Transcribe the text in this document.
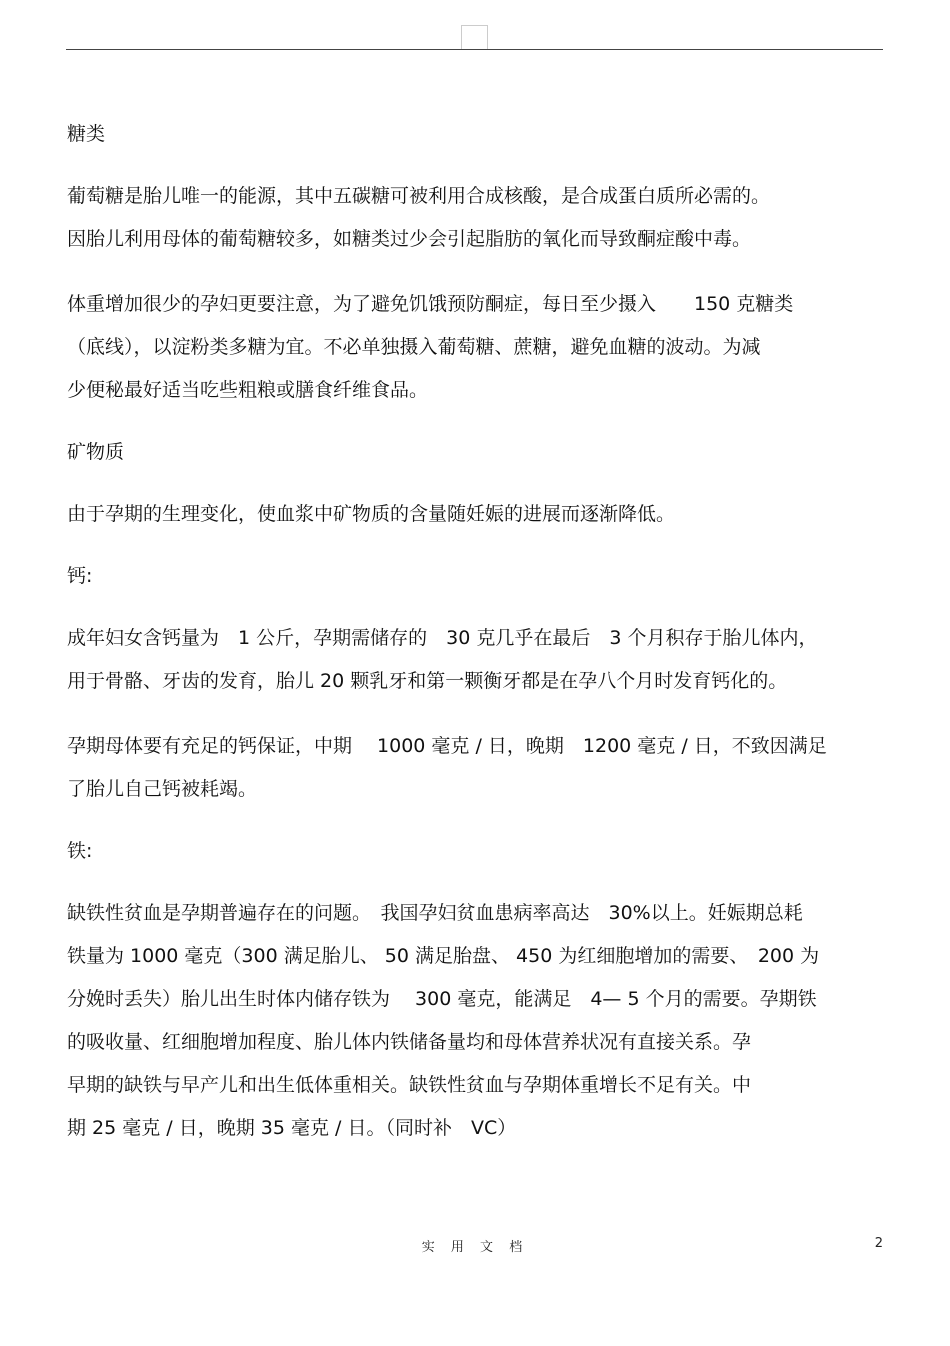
糖类

葡萄糖是胎儿唯一的能源，其中五碳糖可被利用合成核酸，是合成蛋白质所必需的。

因胎儿利用母体的葡萄糖较多，如糖类过少会引起脂肪的氧化而导致酮症酸中毒。

体重增加很少的孕妇更要注意，为了避免饥饿预防酮症，每日至少摄入　　150 克糖类

（底线），以淀粉类多糖为宜。不必单独摄入葡萄糖、蔗糖，避免血糖的波动。为减

少便秘最好适当吃些粗粮或膳食纤维食品。

矿物质

由于孕期的生理变化，使血浆中矿物质的含量随妊娠的进展而逐渐降低。

钙:

成年妇女含钙量为　1 公斤，孕期需储存的　30 克几乎在最后　3 个月积存于胎儿体内，

用于骨骼、牙齿的发育，胎儿 20 颗乳牙和第一颗衡牙都是在孕八个月时发育钙化的。

孕期母体要有充足的钙保证，中期　 1000 毫克 / 日，晚期　1200 毫克 / 日，不致因满足

了胎儿自己钙被耗竭。

铁:

缺铁性贫血是孕期普遍存在的问题。　我国孕妇贫血患病率高达　30%以上。妊娠期总耗

铁量为 1000 毫克（300 满足胎儿、 50 满足胎盘、 450 为红细胞增加的需要、　200 为

分娩时丢失）胎儿出生时体内储存铁为　 300 毫克，能满足　4— 5 个月的需要。孕期铁

的吸收量、红细胞增加程度、胎儿体内铁储备量均和母体营养状况有直接关系。孕

早期的缺铁与早产儿和出生低体重相关。缺铁性贫血与孕期体重增长不足有关。中

期 25 毫克 / 日，晚期 35 毫克 / 日。（同时补　VC）

实 用 文 档	2
